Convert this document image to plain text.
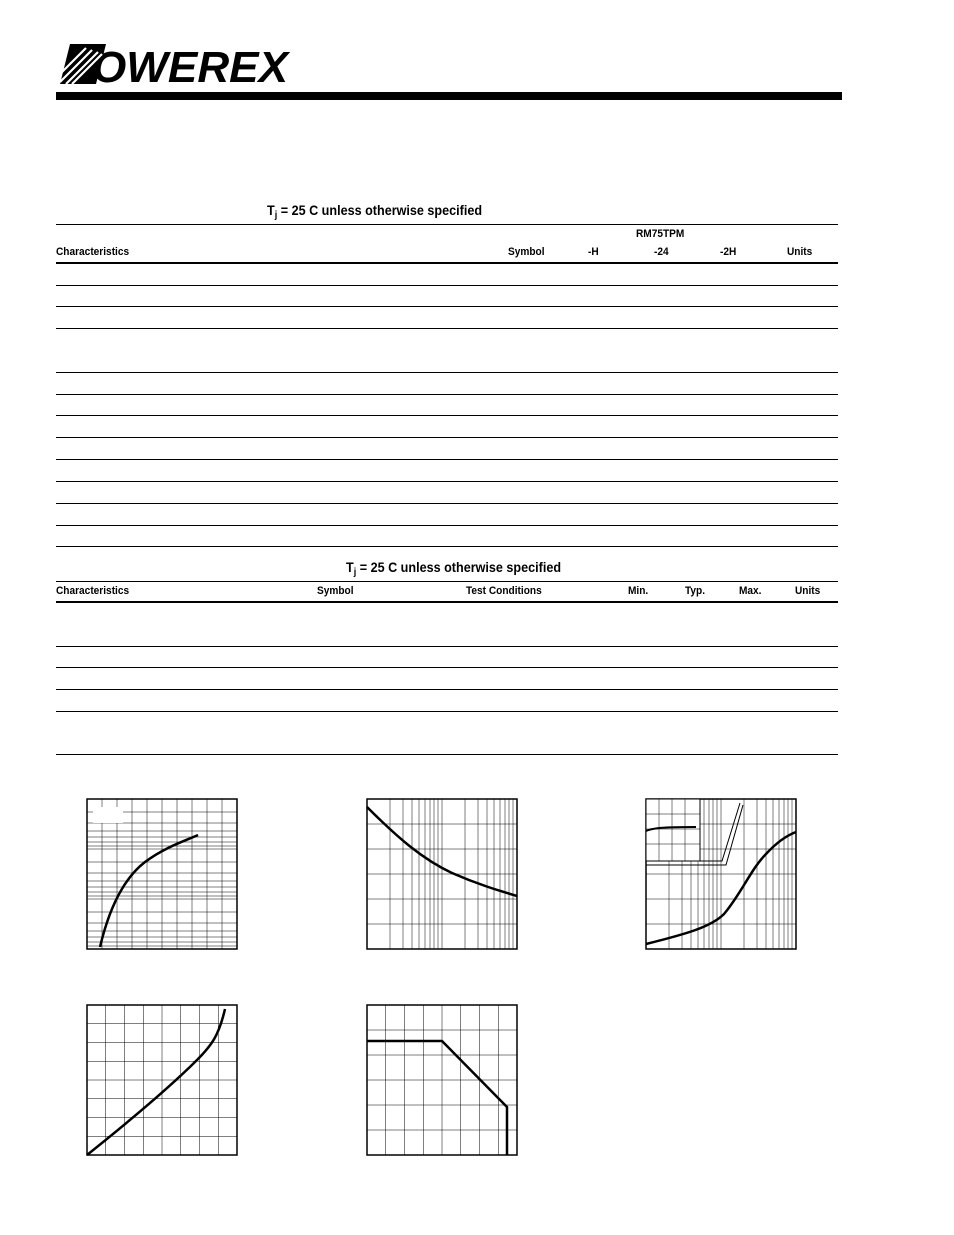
OWEREX
$T_j = 25$ C unless otherwise specified
RM75TPM
Characteristics	Symbol	-H	-24	-2H	Units
$T_j = 25$ C unless otherwise specified
Characteristics	Symbol	Test Conditions	Min.	Typ.	Max.	Units
